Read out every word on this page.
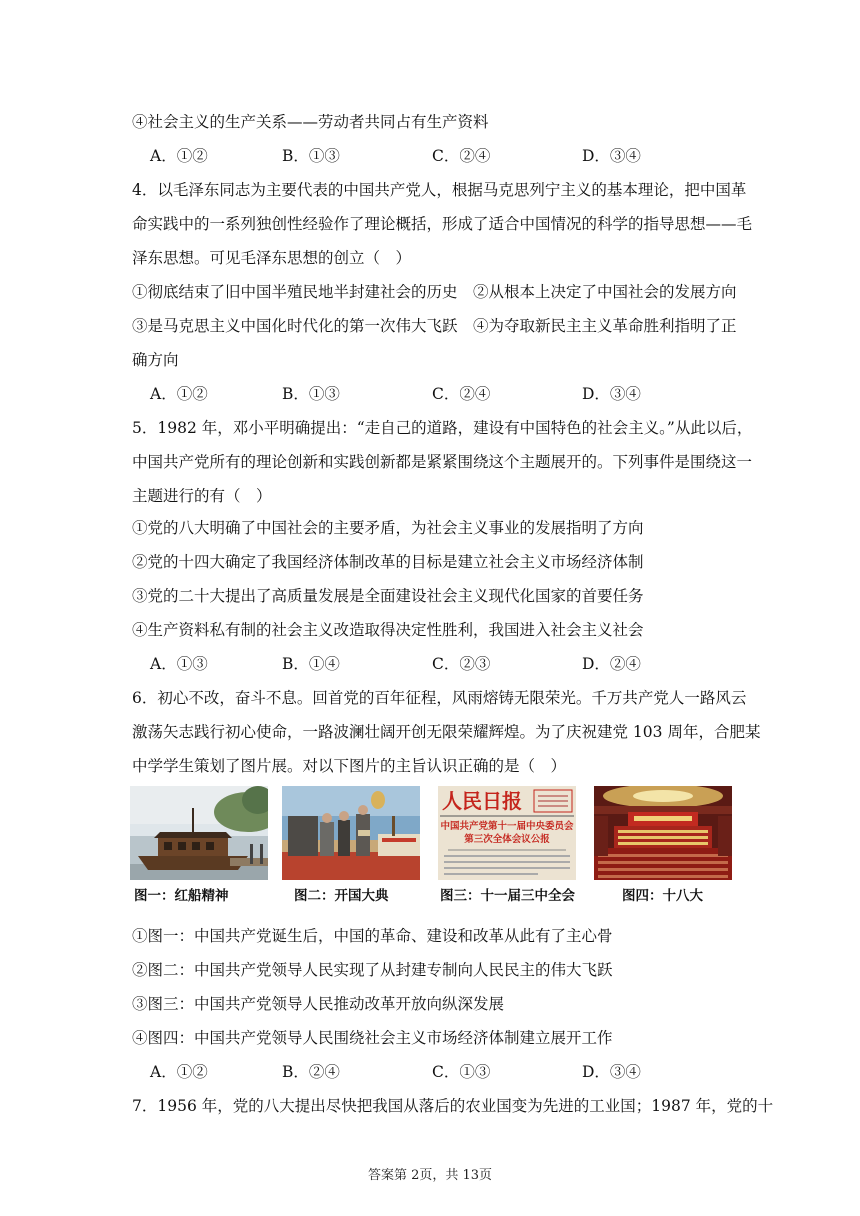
④社会主义的生产关系——劳动者共同占有生产资料
A．①②	B．①③	C．②④	D．③④
4．以毛泽东同志为主要代表的中国共产党人，根据马克思列宁主义的基本理论，把中国革
命实践中的一系列独创性经验作了理论概括，形成了适合中国情况的科学的指导思想——毛
泽东思想。可见毛泽东思想的创立（　）
①彻底结束了旧中国半殖民地半封建社会的历史　②从根本上决定了中国社会的发展方向
③是马克思主义中国化时代化的第一次伟大飞跃　④为夺取新民主主义革命胜利指明了正
确方向
A．①②	B．①③	C．②④	D．③④
5．1982 年，邓小平明确提出：“走自己的道路，建设有中国特色的社会主义。”从此以后，
中国共产党所有的理论创新和实践创新都是紧紧围绕这个主题展开的。下列事件是围绕这一
主题进行的有（　）
①党的八大明确了中国社会的主要矛盾，为社会主义事业的发展指明了方向
②党的十四大确定了我国经济体制改革的目标是建立社会主义市场经济体制
③党的二十大提出了高质量发展是全面建设社会主义现代化国家的首要任务
④生产资料私有制的社会主义改造取得决定性胜利，我国进入社会主义社会
A．①③	B．①④	C．②③	D．②④
6．初心不改，奋斗不息。回首党的百年征程，风雨熔铸无限荣光。千万共产党人一路风云
激荡矢志践行初心使命，一路波澜壮阔开创无限荣耀辉煌。为了庆祝建党 103 周年，合肥某
中学学生策划了图片展。对以下图片的主旨认识正确的是（　）
人民日报
中国共产党第十一届中央委员会
第三次全体会议公报
图一：红船精神	图二：开国大典	图三：十一届三中全会	图四：十八大
①图一：中国共产党诞生后，中国的革命、建设和改革从此有了主心骨
②图二：中国共产党领导人民实现了从封建专制向人民民主的伟大飞跃
③图三：中国共产党领导人民推动改革开放向纵深发展
④图四：中国共产党领导人民围绕社会主义市场经济体制建立展开工作
A．①②	B．②④	C．①③	D．③④
7．1956 年，党的八大提出尽快把我国从落后的农业国变为先进的工业国；1987 年，党的十
答案第 2页，共 13页
